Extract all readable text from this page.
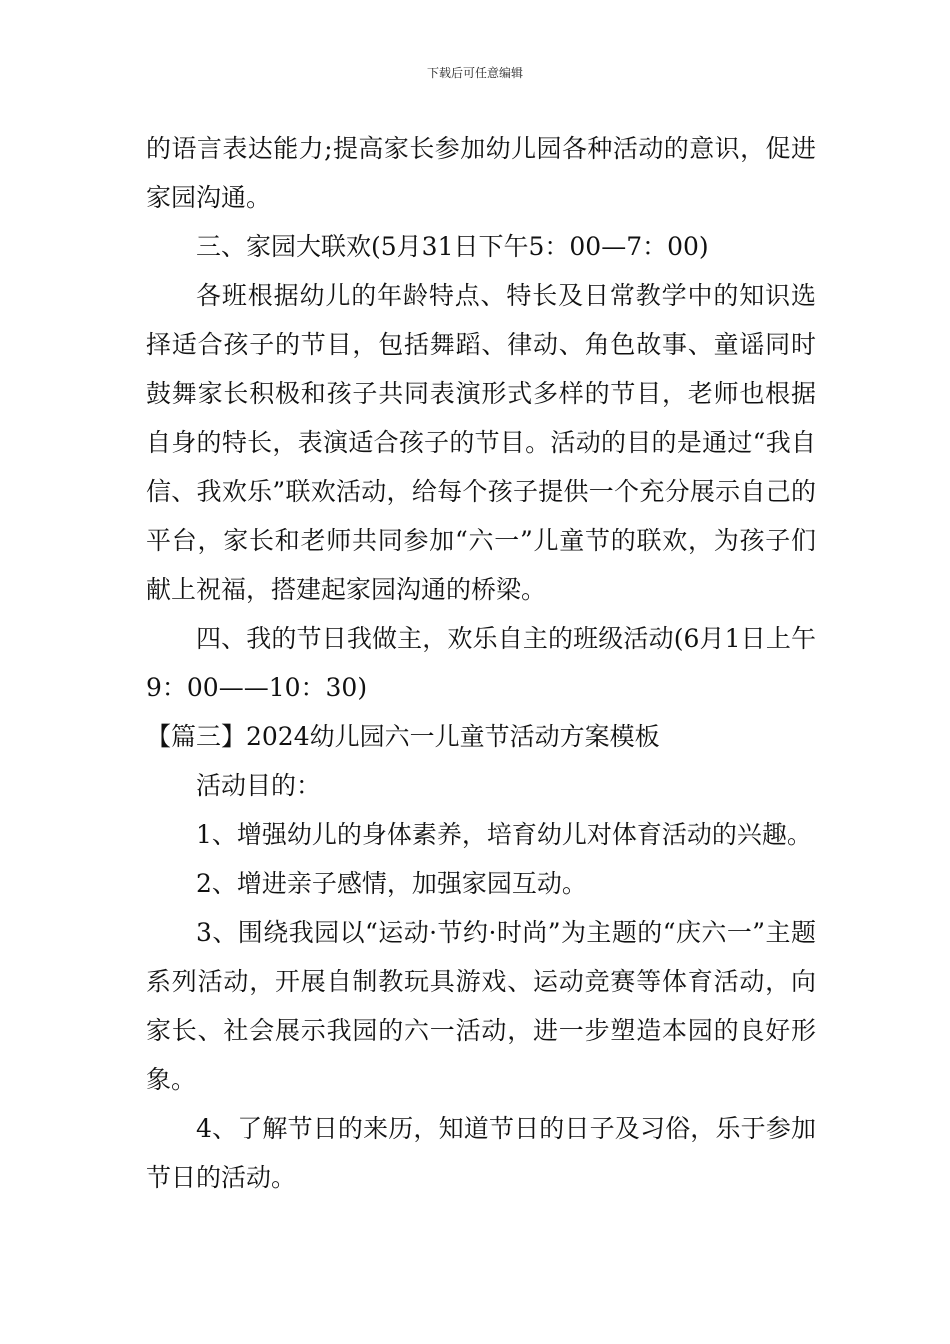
下载后可任意编辑

的语言表达能力;提高家长参加幼儿园各种活动的意识，促进家园沟通。

三、家园大联欢(5月31日下午5：00—7：00)

各班根据幼儿的年龄特点、特长及日常教学中的知识选择适合孩子的节目，包括舞蹈、律动、角色故事、童谣同时鼓舞家长积极和孩子共同表演形式多样的节目，老师也根据自身的特长，表演适合孩子的节目。活动的目的是通过“我自信、我欢乐”联欢活动，给每个孩子提供一个充分展示自己的平台，家长和老师共同参加“六一”儿童节的联欢，为孩子们献上祝福，搭建起家园沟通的桥梁。

四、我的节日我做主，欢乐自主的班级活动(6月1日上午9：00——10：30)

【篇三】2024幼儿园六一儿童节活动方案模板

活动目的：

1、增强幼儿的身体素养，培育幼儿对体育活动的兴趣。

2、增进亲子感情，加强家园互动。

3、围绕我园以“运动·节约·时尚”为主题的“庆六一”主题系列活动，开展自制教玩具游戏、运动竞赛等体育活动，向家长、社会展示我园的六一活动，进一步塑造本园的良好形象。

4、了解节日的来历，知道节日的日子及习俗，乐于参加节日的活动。
